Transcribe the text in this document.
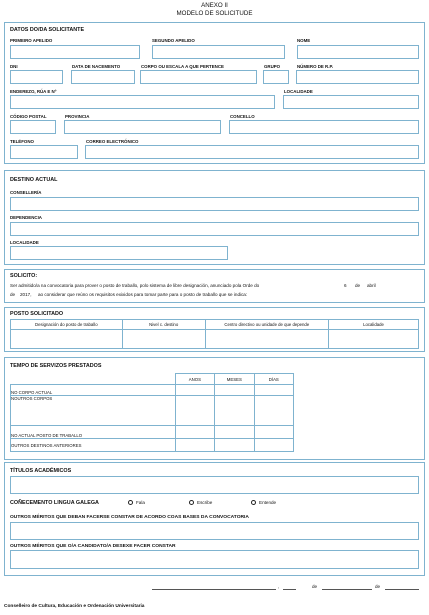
ANEXO II
MODELO DE SOLICITUDE
DATOS DO/DA SOLICITANTE
PRIMEIRO APELIDO	SEGUNDO APELIDO	NOME
DNI	DATA DE NACEMENTO	CORPO OU ESCALA A QUE PERTENCE	GRUPO	NÚMERO DE R.P.
ENDEREZO, RÚA E Nº	LOCALIDADE
CÓDIGO POSTAL	PROVINCIA	CONCELLO
TELÉFONO	CORREO ELECTRÓNICO
DESTINO ACTUAL
CONSELLERÍA
DEPENDENCIA
LOCALIDADE
SOLICITO:
Ser admitido/a na convocatoria para prover o posto de traballo, polo sistema de libre designación, anunciado pola Orde do	6 de abril
de 2017, ao considerar que reúno os requisitos exixidos para tomar parte para o posto de traballo que se indica:
POSTO SOLICITADO
Designación do posto de traballo	Nivel c. destino	Centro directivo ou unidade de que depende	Localidade

TEMPO DE SERVIZOS PRESTADOS
	ANOS	MESES	DÍAS
NO CORPO ACTUAL			
NOUTROS CORPOS			
NO ACTUAL POSTO DE TRABALLO			
OUTROS DESTINOS ANTERIORES			
TÍTULOS ACADÉMICOS
COÑECEMENTO LINGUA GALEGA	Fala	Escribe	Entende
OUTROS MÉRITOS QUE DEBAN FACERSE CONSTAR DE ACORDO COAS BASES DA CONVOCATORIA
OUTROS MÉRITOS QUE O/A CANDIDATO/A DESEXE FACER CONSTAR
,	de	de
Conselleiro de Cultura, Educación e Ordenación Universitaria
